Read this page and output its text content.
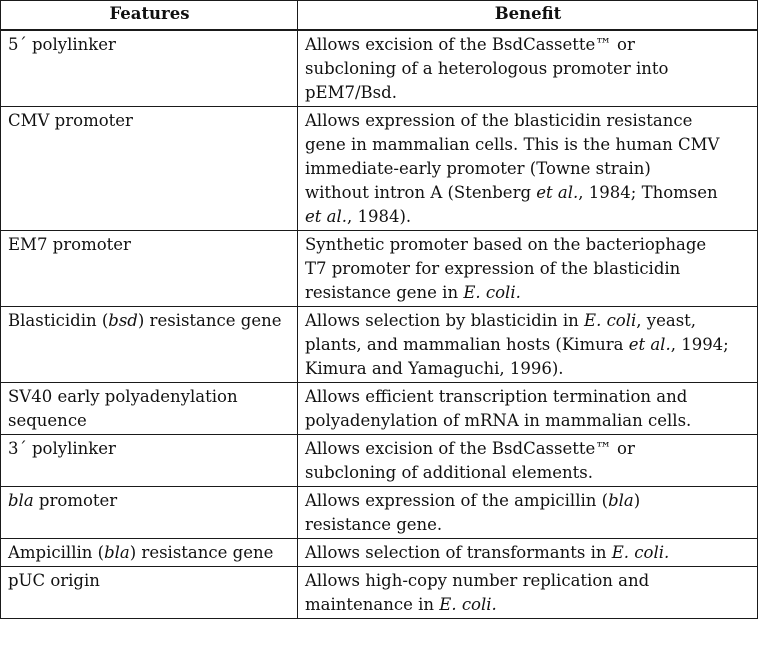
Features	Benefit

5´ polylinker	Allows excision of the BsdCassette™ or
subcloning of a heterologous promoter into
pEM7/Bsd.

CMV promoter	Allows expression of the blasticidin resistance
gene in mammalian cells. This is the human CMV
immediate-early promoter (Towne strain)
without intron A (Stenberg et al., 1984; Thomsen
et al., 1984).

EM7 promoter	Synthetic promoter based on the bacteriophage
T7 promoter for expression of the blasticidin
resistance gene in E. coli.

Blasticidin (bsd) resistance gene	Allows selection by blasticidin in E. coli, yeast,
plants, and mammalian hosts (Kimura et al., 1994;
Kimura and Yamaguchi, 1996).

SV40 early polyadenylation
sequence	Allows efficient transcription termination and
polyadenylation of mRNA in mammalian cells.

3´ polylinker	Allows excision of the BsdCassette™ or
subcloning of additional elements.

bla promoter	Allows expression of the ampicillin (bla)
resistance gene.

Ampicillin (bla) resistance gene	Allows selection of transformants in E. coli.

pUC origin	Allows high-copy number replication and
maintenance in E. coli.
